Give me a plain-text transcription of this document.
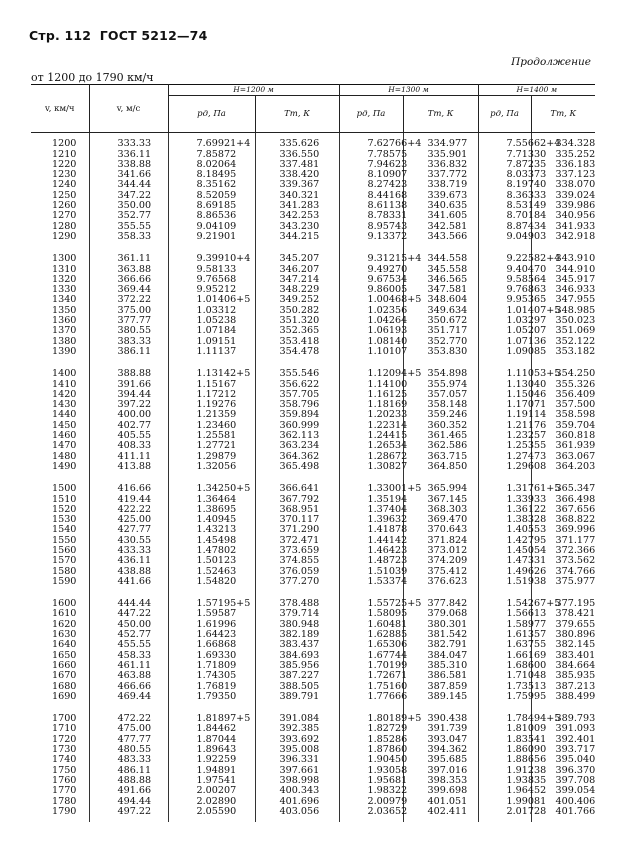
Стр. 112 ГОСТ 5212—74
Продолжение
от 1200 до 1790 км/ч
v, км/ч	v, м/с	H=1200 м		H=1300 м		H=1400 м	
		pд, Па	Tт, К	pд, Па	Tт, К	pд, Па	Tт, К
1200	333.33	7.69921+4	335.626	7.62766+4	334.977	7.55662+4	334.328
1210	336.11	7.85872	336.550	7.78575	335.901	7.71330	335.252
1220	338.88	8.02064	337.481	7.94623	336.832	7.87235	336.183
1230	341.66	8.18495	338.420	8.10907	337.772	8.03373	337.123
1240	344.44	8.35162	339.367	8.27423	338.719	8.19740	338.070
1250	347.22	8.52059	340.321	8.44168	339.673	8.36333	339.024
1260	350.00	8.69185	341.283	8.61138	340.635	8.53149	339.986
1270	352.77	8.86536	342.253	8.78331	341.605	8.70184	340.956
1280	355.55	9.04109	343.230	8.95743	342.581	8.87434	341.933
1290	358.33	9.21901	344.215	9.13372	343.566	9.04903	342.918
1300	361.11	9.39910+4	345.207	9.31215+4	344.558	9.22582+4	343.910
1310	363.88	9.58133	346.207	9.49270	345.558	9.40470	344.910
1320	366.66	9.76568	347.214	9.67534	346.565	9.58564	345.917
1330	369.44	9.95212	348.229	9.86005	347.581	9.76863	346.933
1340	372.22	1.01406+5	349.252	1.00468+5	348.604	9.95365	347.955
1350	375.00	1.03312	350.282	1.02356	349.634	1.01407+5	348.985
1360	377.77	1.05238	351.320	1.04264	350.672	1.03297	350.023
1370	380.55	1.07184	352.365	1.06193	351.717	1.05207	351.069
1380	383.33	1.09151	353.418	1.08140	352.770	1.07136	352.122
1390	386.11	1.11137	354.478	1.10107	353.830	1.09085	353.182
1400	388.88	1.13142+5	355.546	1.12094+5	354.898	1.11053+5	354.250
1410	391.66	1.15167	356.622	1.14100	355.974	1.13040	355.326
1420	394.44	1.17212	357.705	1.16125	357.057	1.15046	356.409
1430	397.22	1.19276	358.796	1.18169	358.148	1.17071	357.500
1440	400.00	1.21359	359.894	1.20233	359.246	1.19114	358.598
1450	402.77	1.23460	360.999	1.22314	360.352	1.21176	359.704
1460	405.55	1.25581	362.113	1.24415	361.465	1.23257	360.818
1470	408.33	1.27721	363.234	1.26534	362.586	1.25355	361.939
1480	411.11	1.29879	364.362	1.28672	363.715	1.27473	363.067
1490	413.88	1.32056	365.498	1.30827	364.850	1.29608	364.203
1500	416.66	1.34250+5	366.641	1.33001+5	365.994	1.31761+5	365.347
1510	419.44	1.36464	367.792	1.35194	367.145	1.33933	366.498
1520	422.22	1.38695	368.951	1.37404	368.303	1.36122	367.656
1530	425.00	1.40945	370.117	1.39632	369.470	1.38328	368.822
1540	427.77	1.43213	371.290	1.41878	370.643	1.40553	369.996
1550	430.55	1.45498	372.471	1.44142	371.824	1.42795	371.177
1560	433.33	1.47802	373.659	1.46423	373.012	1.45054	372.366
1570	436.11	1.50123	374.855	1.48723	374.209	1.47331	373.562
1580	438.88	1.52463	376.059	1.51039	375.412	1.49626	374.766
1590	441.66	1.54820	377.270	1.53374	376.623	1.51938	375.977
1600	444.44	1.57195+5	378.488	1.55725+5	377.842	1.54267+5	377.195
1610	447.22	1.59587	379.714	1.58095	379.068	1.56613	378.421
1620	450.00	1.61996	380.948	1.60481	380.301	1.58977	379.655
1630	452.77	1.64423	382.189	1.62885	381.542	1.61357	380.896
1640	455.55	1.66868	383.437	1.65306	382.791	1.63755	382.145
1650	458.33	1.69330	384.693	1.67744	384.047	1.66169	383.401
1660	461.11	1.71809	385.956	1.70199	385.310	1.68600	384.664
1670	463.88	1.74305	387.227	1.72671	386.581	1.71048	385.935
1680	466.66	1.76819	388.505	1.75160	387.859	1.73513	387.213
1690	469.44	1.79350	389.791	1.77666	389.145	1.75995	388.499
1700	472.22	1.81897+5	391.084	1.80189+5	390.438	1.78494+5	389.793
1710	475.00	1.84462	392.385	1.82729	391.739	1.81009	391.093
1720	477.77	1.87044	393.692	1.85286	393.047	1.83541	392.401
1730	480.55	1.89643	395.008	1.87860	394.362	1.86090	393.717
1740	483.33	1.92259	396.331	1.90450	395.685	1.88656	395.040
1750	486.11	1.94891	397.661	1.93058	397.016	1.91238	396.370
1760	488.88	1.97541	398.998	1.95681	398.353	1.93835	397.708
1770	491.66	2.00207	400.343	1.98322	399.698	1.96452	399.054
1780	494.44	2.02890	401.696	2.00979	401.051	1.99081	400.406
1790	497.22	2.05590	403.056	2.03652	402.411	2.01728	401.766
